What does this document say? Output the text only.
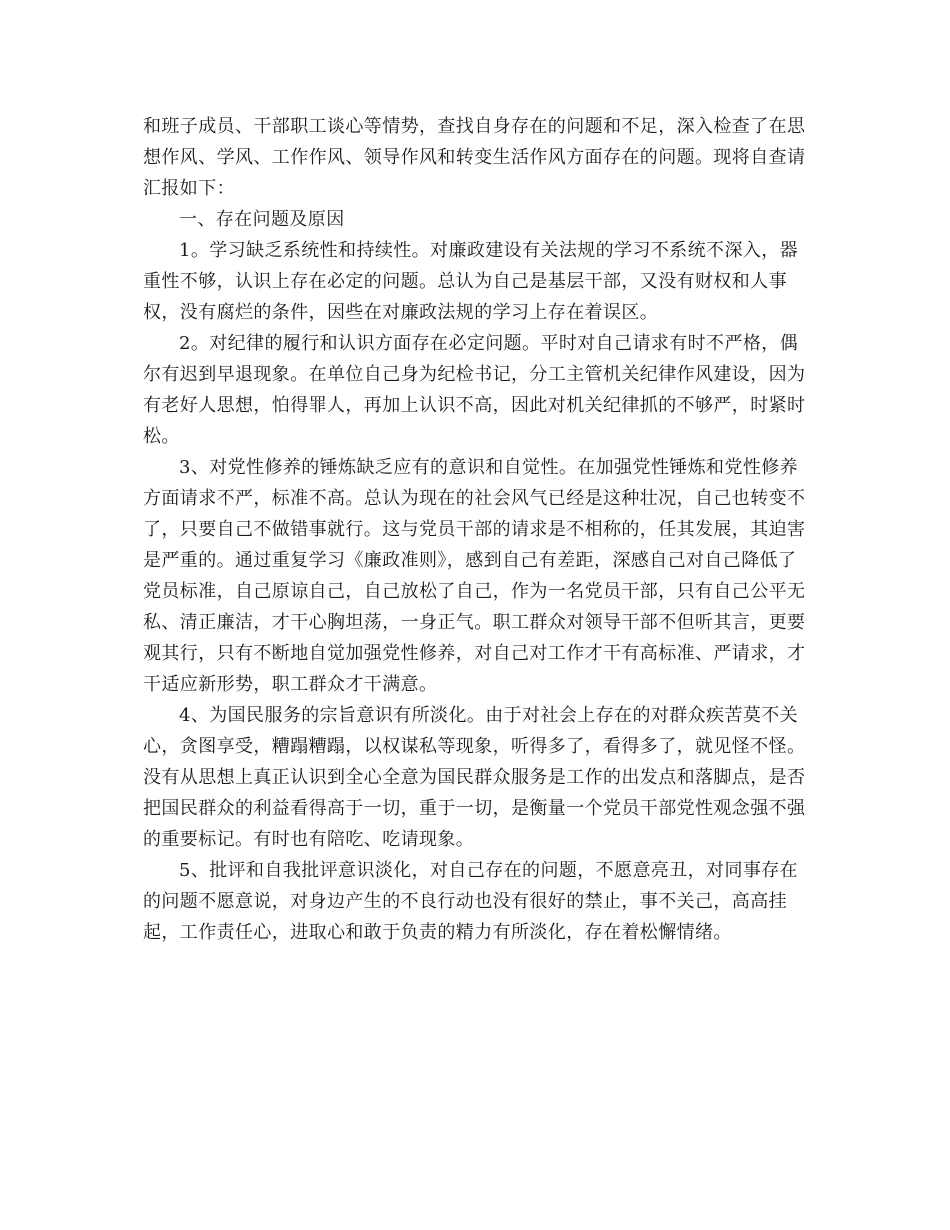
和班子成员、干部职工谈心等情势，查找自身存在的问题和不足，深入检查了在思
想作风、学风、工作作风、领导作风和转变生活作风方面存在的问题。现将自查请
汇报如下：

一、存在问题及原因

1。学习缺乏系统性和持续性。对廉政建设有关法规的学习不系统不深入，器
重性不够，认识上存在必定的问题。总认为自己是基层干部，又没有财权和人事
权，没有腐烂的条件，因些在对廉政法规的学习上存在着误区。

2。对纪律的履行和认识方面存在必定问题。平时对自己请求有时不严格，偶
尔有迟到早退现象。在单位自己身为纪检书记，分工主管机关纪律作风建设，因为
有老好人思想，怕得罪人，再加上认识不高，因此对机关纪律抓的不够严，时紧时
松。

3、对党性修养的锤炼缺乏应有的意识和自觉性。在加强党性锤炼和党性修养
方面请求不严，标准不高。总认为现在的社会风气已经是这种壮况，自己也转变不
了，只要自己不做错事就行。这与党员干部的请求是不相称的，任其发展，其迫害
是严重的。通过重复学习《廉政准则》，感到自己有差距，深感自己对自己降低了
党员标准，自己原谅自己，自己放松了自己，作为一名党员干部，只有自己公平无
私、清正廉洁，才干心胸坦荡，一身正气。职工群众对领导干部不但听其言，更要
观其行，只有不断地自觉加强党性修养，对自己对工作才干有高标准、严请求，才
干适应新形势，职工群众才干满意。

4、为国民服务的宗旨意识有所淡化。由于对社会上存在的对群众疾苦莫不关
心，贪图享受，糟蹋糟蹋，以权谋私等现象，听得多了，看得多了，就见怪不怪。
没有从思想上真正认识到全心全意为国民群众服务是工作的出发点和落脚点，是否
把国民群众的利益看得高于一切，重于一切，是衡量一个党员干部党性观念强不强
的重要标记。有时也有陪吃、吃请现象。

5、批评和自我批评意识淡化，对自己存在的问题，不愿意亮丑，对同事存在
的问题不愿意说，对身边产生的不良行动也没有很好的禁止，事不关己，高高挂
起，工作责任心，进取心和敢于负责的精力有所淡化，存在着松懈情绪。
